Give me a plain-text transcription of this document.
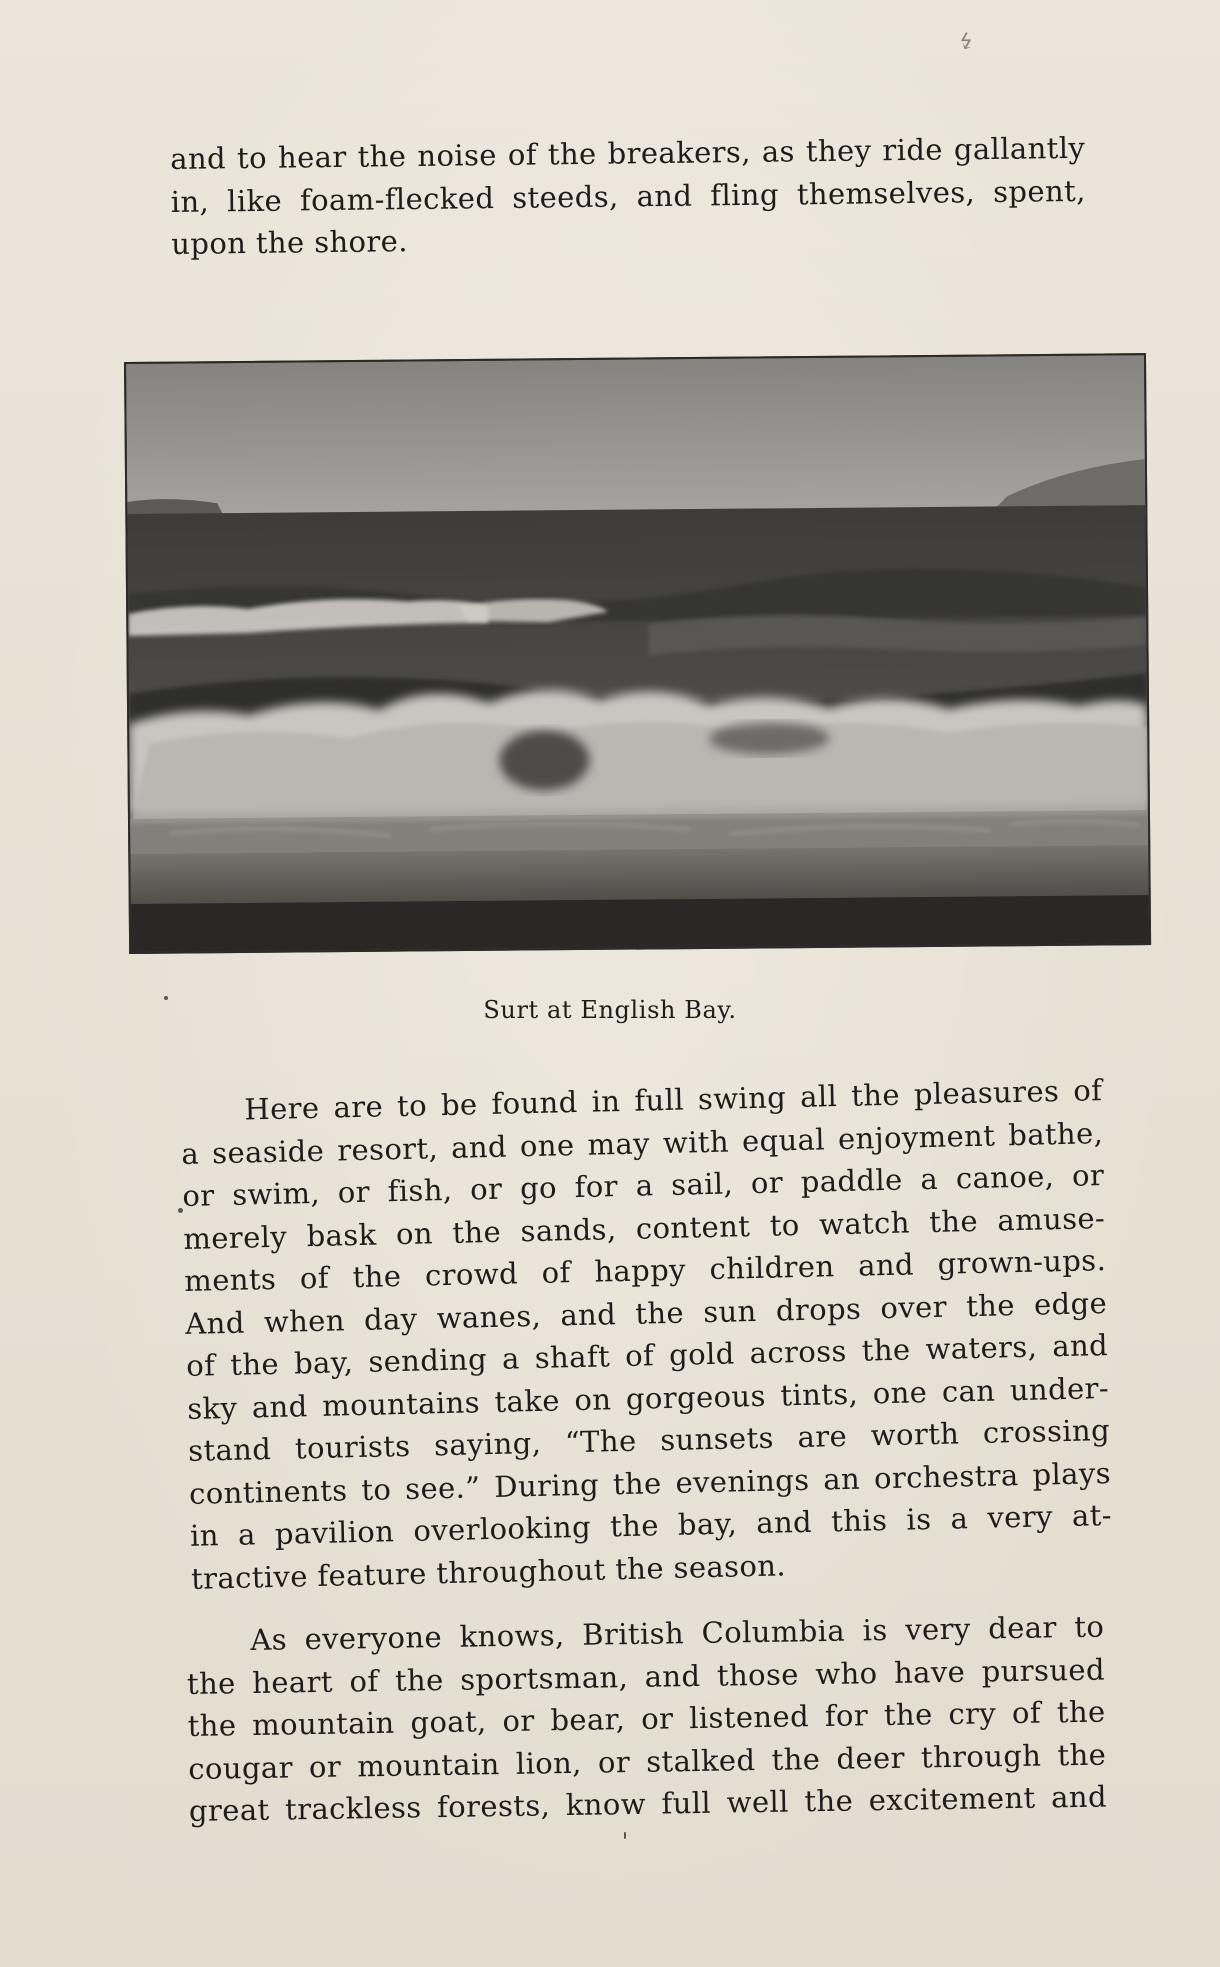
↯

and to hear the noise of the breakers, as they ride gallantly
in, like foam-flecked steeds, and fling themselves, spent,
upon the shore.

Surt at English Bay.

Here are to be found in full swing all the pleasures of
a seaside resort, and one may with equal enjoyment bathe,
or swim, or fish, or go for a sail, or paddle a canoe, or
merely bask on the sands, content to watch the amuse-
ments of the crowd of happy children and grown-ups.
And when day wanes, and the sun drops over the edge
of the bay, sending a shaft of gold across the waters, and
sky and mountains take on gorgeous tints, one can under-
stand tourists saying, “The sunsets are worth crossing
continents to see.” During the evenings an orchestra plays
in a pavilion overlooking the bay, and this is a very at-
tractive feature throughout the season.

As everyone knows, British Columbia is very dear to
the heart of the sportsman, and those who have pursued
the mountain goat, or bear, or listened for the cry of the
cougar or mountain lion, or stalked the deer through the
great trackless forests, know full well the excitement and
